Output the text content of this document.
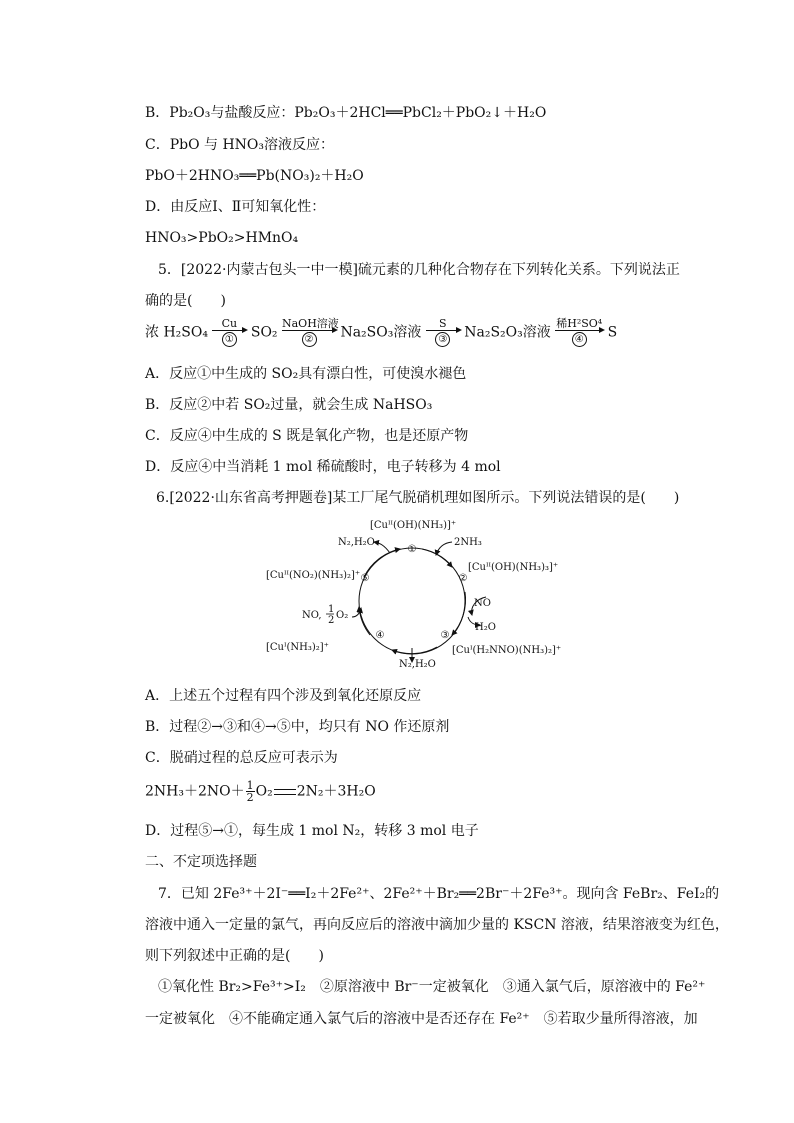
B．Pb₂O₃与盐酸反应：Pb₂O₃＋2HCl══PbCl₂＋PbO₂↓＋H₂O
C．PbO 与 HNO₃溶液反应：
PbO＋2HNO₃══Pb(NO₃)₂＋H₂O
D．由反应Ⅰ、Ⅱ可知氧化性：
HNO₃>PbO₂>HMnO₄
5．[2022·内蒙古包头一中一模]硫元素的几种化合物存在下列转化关系。下列说法正
确的是(　　)
浓 H₂SO₄
Cu
①	SO₂
NaOH溶液
②	Na₂SO₃溶液
S
③	Na₂S₂O₃溶液
稀H²SO⁴
④	S
A．反应①中生成的 SO₂具有漂白性，可使溴水褪色
B．反应②中若 SO₂过量，就会生成 NaHSO₃
C．反应④中生成的 S 既是氧化产物，也是还原产物
D．反应④中当消耗 1 mol 稀硫酸时，电子转移为 4 mol
6.[2022·山东省高考押题卷]某工厂尾气脱硝机理如图所示。下列说法错误的是(　　)
①
②
③
④
⑤
[Cuᴵᴵ(OH)(NH₃)]⁺
[Cuᴵᴵ(OH)(NH₃)₃]⁺
[Cuᴵ(H₂NNO)(NH₃)₂]⁺
[Cuᴵ(NH₃)₂]⁺
[Cuᴵᴵ(NO₂)(NH₃)₂]⁺
2NH₃
N₂,H₂O
NO
H₂O
N₂,H₂O
NO,
1
2 O₂
A．上述五个过程有四个涉及到氧化还原反应
B．过程②→③和④→⑤中，均只有 NO 作还原剂
C．脱硝过程的总反应可表示为
$2NH_3+2NO+ \frac{1}{2} O_2$ 2N₂＋3H₂O
D．过程⑤→①，每生成 1 mol N₂，转移 3 mol 电子
二、不定项选择题
7．已知 2Fe³⁺＋2I⁻══I₂＋2Fe²⁺、2Fe²⁺＋Br₂══2Br⁻＋2Fe³⁺。现向含 FeBr₂、FeI₂的
溶液中通入一定量的氯气，再向反应后的溶液中滴加少量的 KSCN 溶液，结果溶液变为红色，
则下列叙述中正确的是(　　)
①氧化性 Br₂>Fe³⁺>I₂　②原溶液中 Br⁻一定被氧化　③通入氯气后，原溶液中的 Fe²⁺
一定被氧化　④不能确定通入氯气后的溶液中是否还存在 Fe²⁺　⑤若取少量所得溶液，加
